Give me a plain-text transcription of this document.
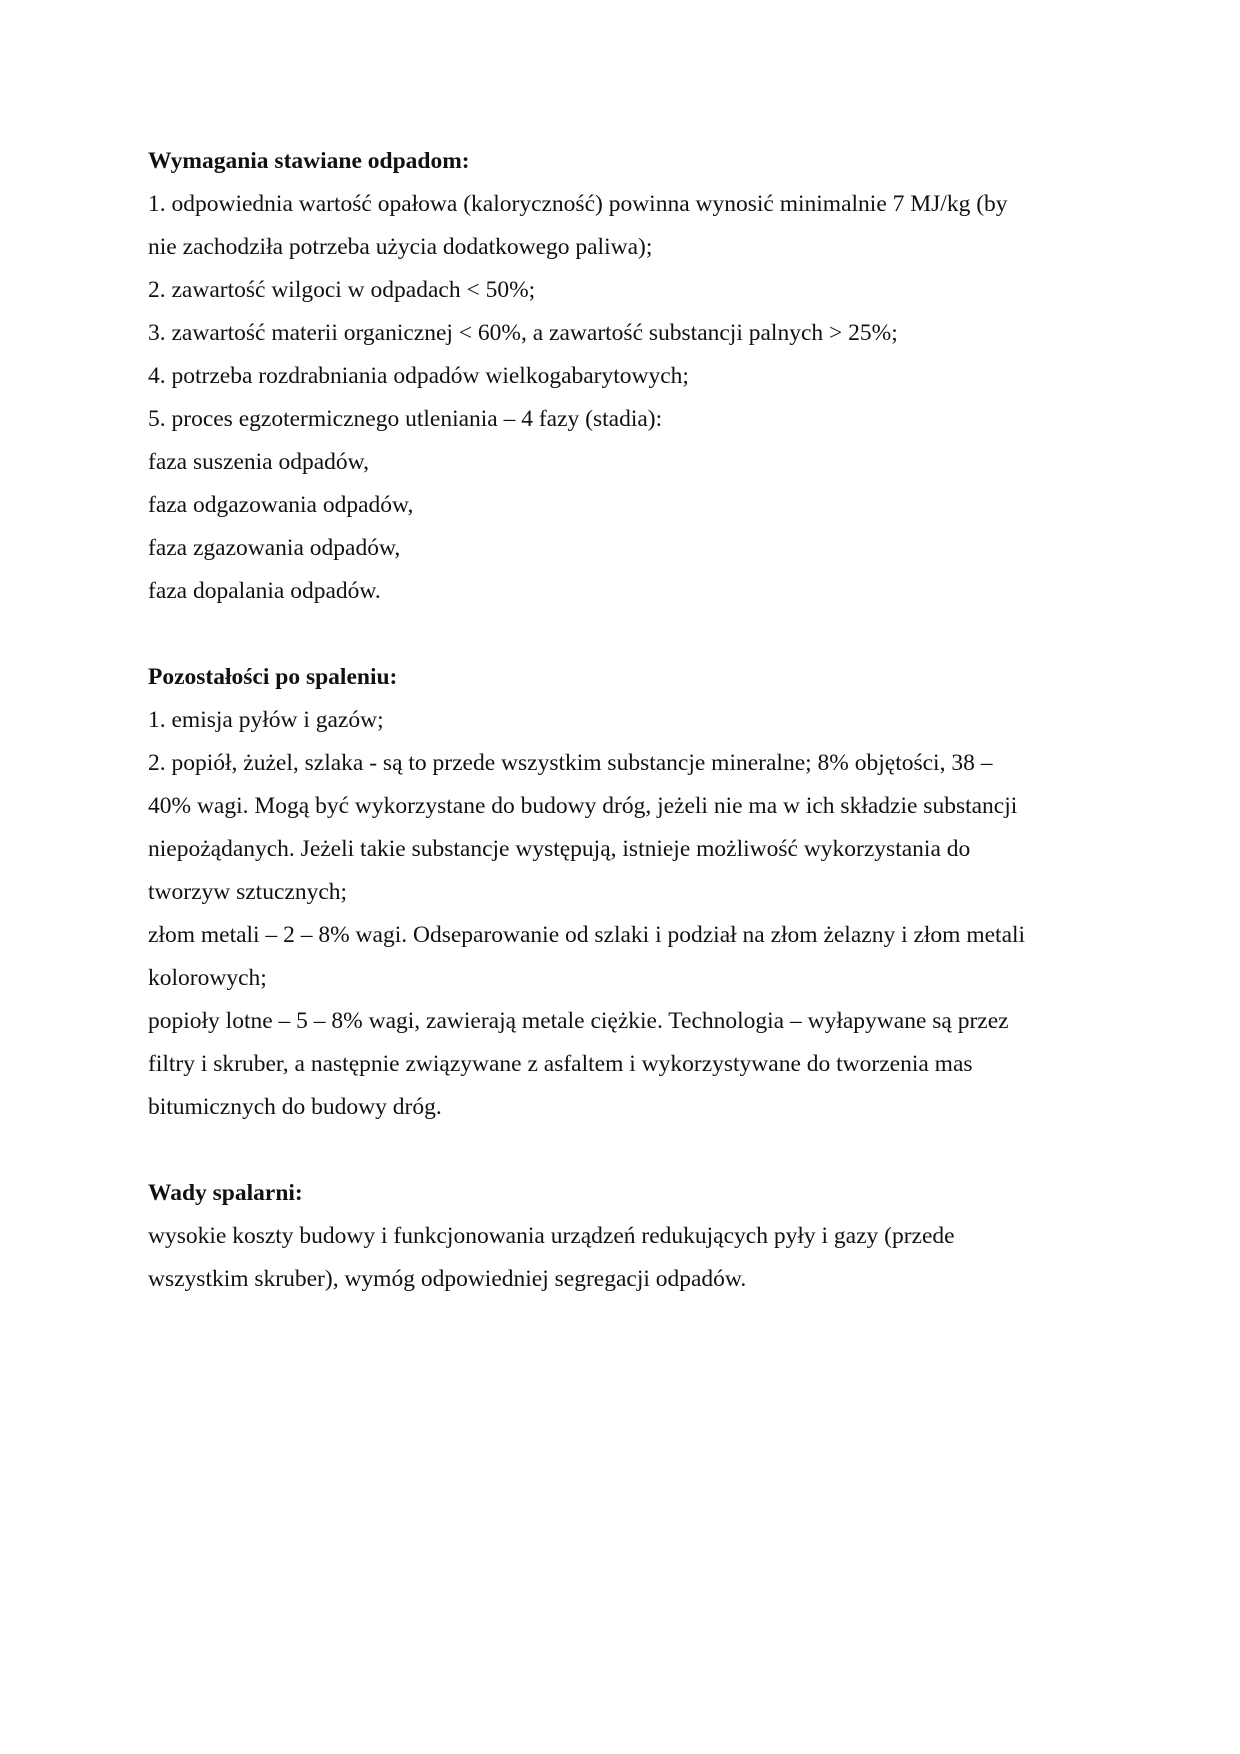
Wymagania stawiane odpadom:
1. odpowiednia wartość opałowa (kaloryczność) powinna wynosić minimalnie 7 MJ/kg (by
nie zachodziła potrzeba użycia dodatkowego paliwa);
2. zawartość wilgoci w odpadach < 50%;
3. zawartość materii organicznej < 60%, a zawartość substancji palnych > 25%;
4. potrzeba rozdrabniania odpadów wielkogabarytowych;
5. proces egzotermicznego utleniania – 4 fazy (stadia):
faza suszenia odpadów,
faza odgazowania odpadów,
faza zgazowania odpadów,
faza dopalania odpadów.
Pozostałości po spaleniu:
1. emisja pyłów i gazów;
2. popiół, żużel, szlaka - są to przede wszystkim substancje mineralne; 8% objętości, 38 –
40% wagi. Mogą być wykorzystane do budowy dróg, jeżeli nie ma w ich składzie substancji
niepożądanych. Jeżeli takie substancje występują, istnieje możliwość wykorzystania do
tworzyw sztucznych;
złom metali – 2 – 8% wagi. Odseparowanie od szlaki i podział na złom żelazny i złom metali
kolorowych;
popioły lotne – 5 – 8% wagi, zawierają metale ciężkie. Technologia – wyłapywane są przez
filtry i skruber, a następnie związywane z asfaltem i wykorzystywane do tworzenia mas
bitumicznych do budowy dróg.
Wady spalarni:
wysokie koszty budowy i funkcjonowania urządzeń redukujących pyły i gazy (przede
wszystkim skruber), wymóg odpowiedniej segregacji odpadów.
